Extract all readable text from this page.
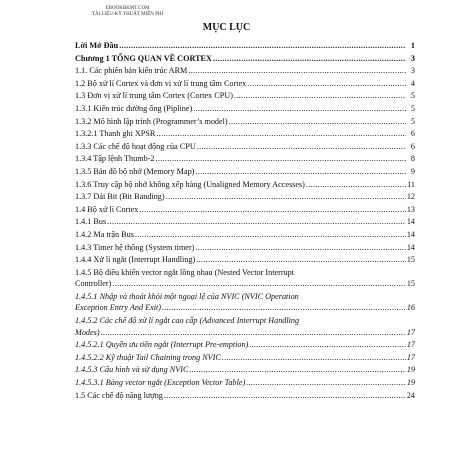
EBOOKBKMT.COM
TÀI LIỆU-KỸ THUẬT MIỄN PHÍ
MỤC LỤC
Lời Mở Đầu .....	1
Chương 1 TỔNG QUAN VỀ CORTEX .....	3
1.1. Các phiên bản kiến trúc ARM .....	3
1.2 Bộ xử lí Cortex và đơn vị xử lí trung tâm Cortex .....	4
1.3 Đơn vị xử lí trung tâm Cortex (Cortex CPU) .....	5
1.3.1 Kiến trúc đường ống (Pipline) .....	5
1.3.2 Mô hình lập trình (Programmer’s model) .....	5
1.3.2.1 Thanh ghi XPSR .....	6
1.3.3 Các chế độ hoạt động của CPU .....	6
1.3.4 Tập lệnh Thumb-2 .....	8
1.3.5 Bản đồ bộ nhớ (Memory Map) .....	9
1.3.6 Truy cập bộ nhớ không xếp hàng (Unaligned Memory Accesses) .....	11
1.3.7 Dải Bit (Bit Banding) .....	12
1.4 Bộ xử lí Cortex .....	13
1.4.1 Bus .....	14
1.4.2 Ma trận Bus .....	14
1.4.3 Timer hệ thống (System timer) .....	14
1.4.4 Xử lí ngắt (Interrupt Handling) .....	15
1.4.5 Bộ điều khiển vector ngắt lồng nhau (Nested Vector Interrupt
Controller) .....	15
1.4.5.1 Nhập và thoát khỏi một ngoại lệ của NVIC (NVIC Operation
Exception Entry And Exit) .....	16
1.4.5.2 Các chế độ xử lí ngắt cao cấp (Advanced Interrupt Handling
Modes) .....	17
1.4.5.2.1 Quyền ưu tiên ngắt (Interrupt Pre-emption) .....	17
1.4.5.2.2 Kỹ thuật Tail Chaining trong NVIC .....	17
1.4.5.3 Cấu hình và sử dụng NVIC .....	19
1.4.5.3.1 Bảng vector ngắt (Exception Vector Table) .....	19
1.5 Các chế độ năng lượng .....	24
